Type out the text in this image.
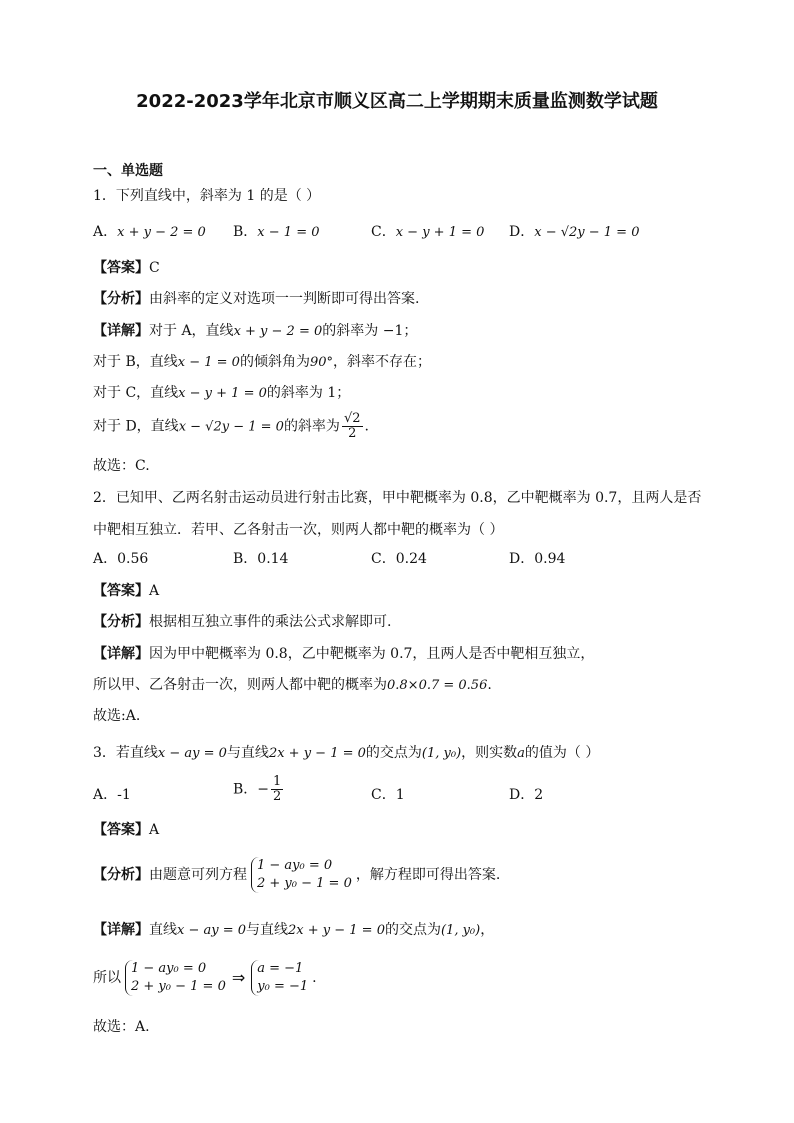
2022-2023学年北京市顺义区高二上学期期末质量监测数学试题
一、单选题
1．下列直线中，斜率为 1 的是（ ）
A．x + y − 2 = 0 B．x − 1 = 0	C．x − y + 1 = 0 D．x − √2y − 1 = 0
【答案】C
【分析】由斜率的定义对选项一一判断即可得出答案.
【详解】对于 A，直线x + y − 2 = 0的斜率为 −1；
对于 B，直线x − 1 = 0的倾斜角为90°，斜率不存在；
对于 C，直线x − y + 1 = 0的斜率为 1；
对于 D，直线x − √2y − 1 = 0的斜率为 $\frac{√2}{2}$ .
故选：C.
2．已知甲、乙两名射击运动员进行射击比赛，甲中靶概率为 0.8，乙中靶概率为 0.7，且两人是否中靶相互独立．若甲、乙各射击一次，则两人都中靶的概率为（ ）
A．0.56	B．0.14	C．0.24	D．0.94
【答案】A
【分析】根据相互独立事件的乘法公式求解即可.
【详解】因为甲中靶概率为 0.8，乙中靶概率为 0.7，且两人是否中靶相互独立，
所以甲、乙各射击一次，则两人都中靶的概率为0.8×0.7 = 0.56.
故选:A.
3．若直线x − ay = 0与直线2x + y − 1 = 0的交点为(1, y₀)，则实数a的值为（ ）
A．-1	B．− $\frac{1}{2}$	C．1	D．2
【答案】A
【分析】由题意可列方程
1 − ay₀ = 0
2 + y₀ − 1 = 0
，解方程即可得出答案.
【详解】直线x − ay = 0与直线2x + y − 1 = 0的交点为(1, y₀)，
所以
1 − ay₀ = 0
2 + y₀ − 1 = 0 ⇒ a = −1
y₀ = −1
.
故选：A.
